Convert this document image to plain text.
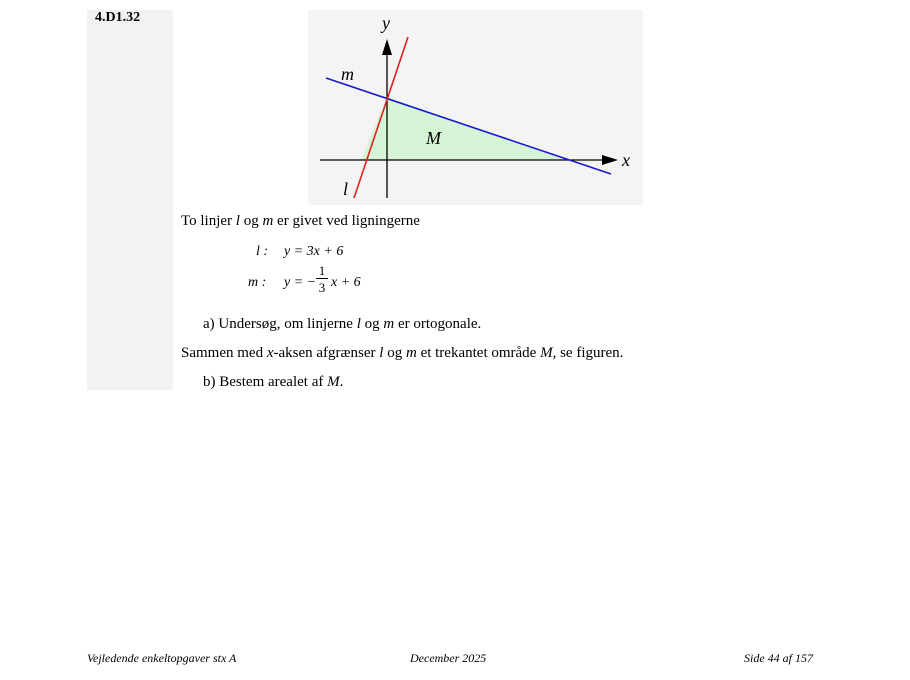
4.D1.32	y
x
m
l
M
To linjer l og m er givet ved ligningerne
l : y = 3x + 6
m : y = −
1
3 x + 6
a) Undersøg, om linjerne l og m er ortogonale.
Sammen med x-aksen afgrænser l og m et trekantet område M, se figuren.
b) Bestem arealet af M.
Vejledende enkeltopgaver stx A	December 2025	Side 44 af 157
